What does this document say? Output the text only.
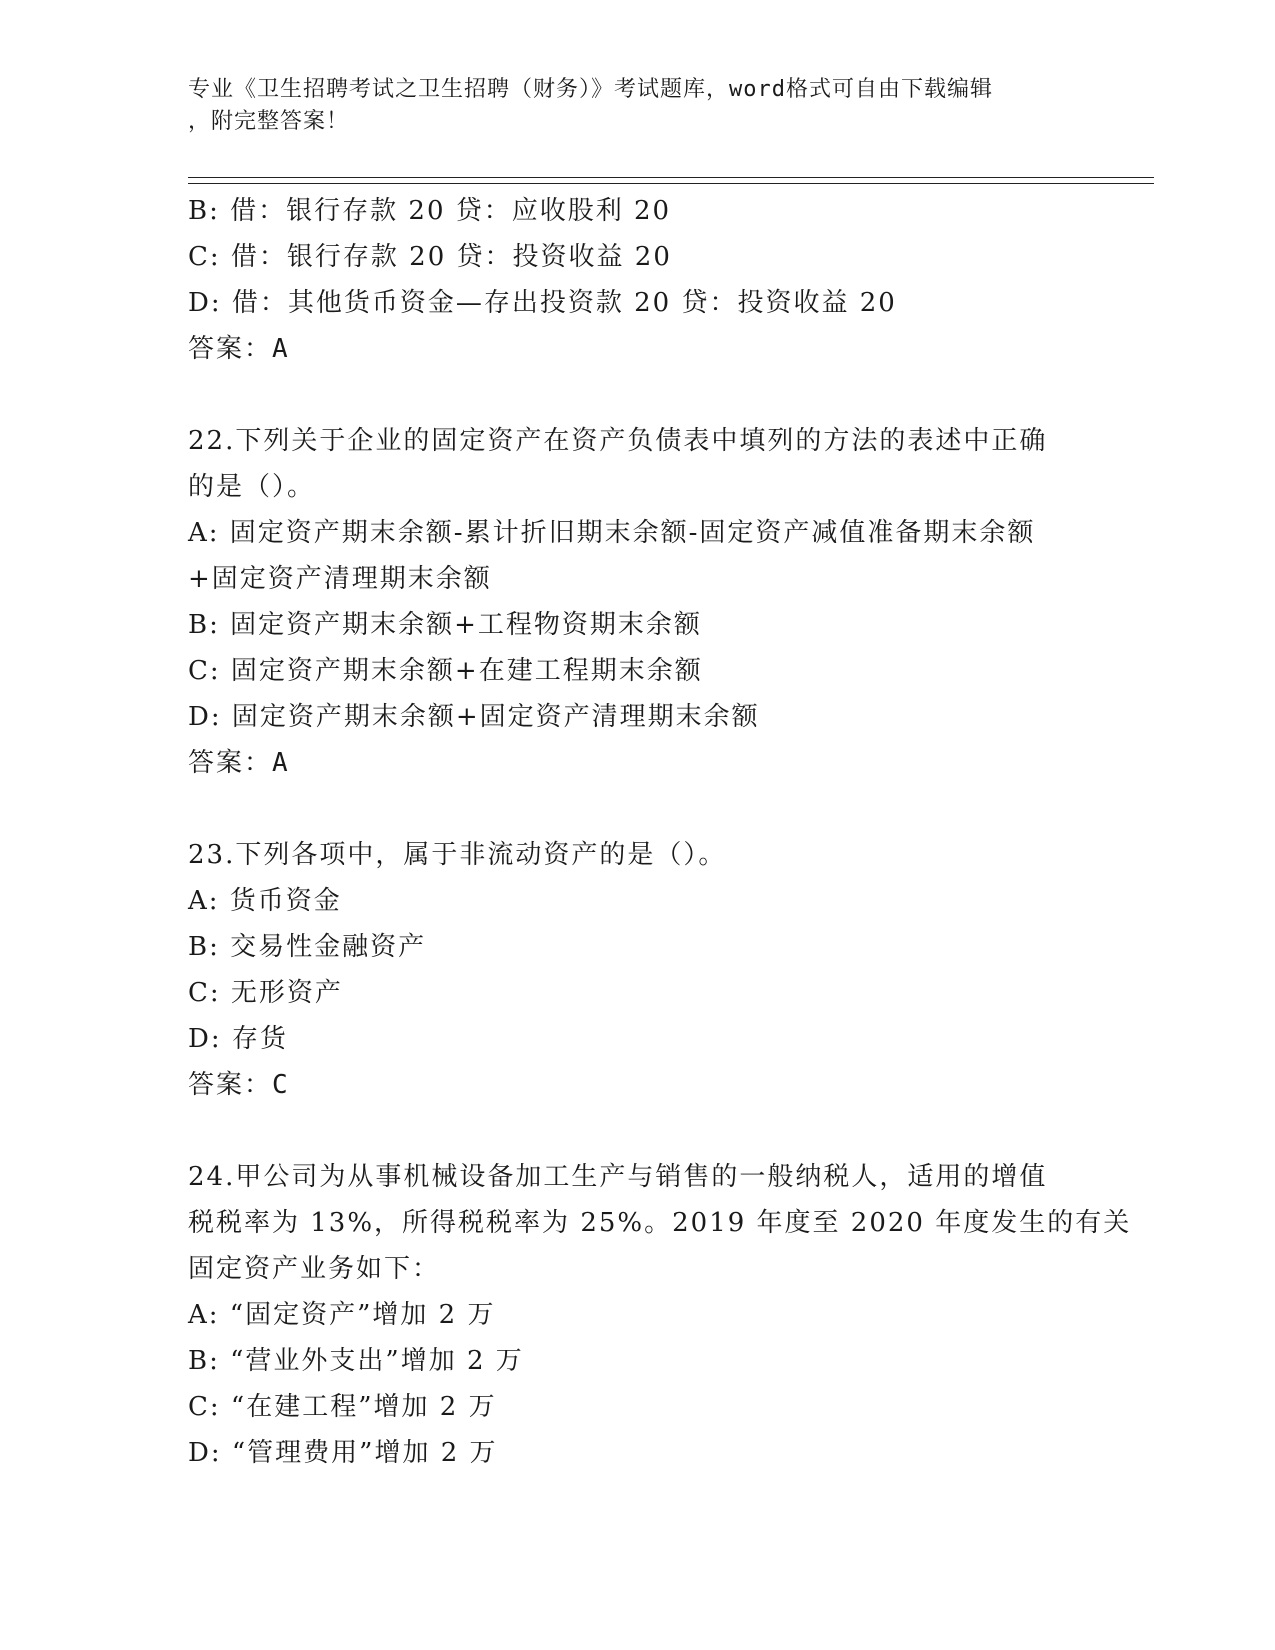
专业《卫生招聘考试之卫生招聘（财务）》考试题库，word格式可自由下载编辑
，附完整答案！
B: 借：银行存款 20 贷：应收股利 20
C: 借：银行存款 20 贷：投资收益 20
D: 借：其他货币资金—存出投资款 20 贷：投资收益 20
答案：A
22.下列关于企业的固定资产在资产负债表中填列的方法的表述中正确
的是（）。
A: 固定资产期末余额-累计折旧期末余额-固定资产减值准备期末余额
+固定资产清理期末余额
B: 固定资产期末余额+工程物资期末余额
C: 固定资产期末余额+在建工程期末余额
D: 固定资产期末余额+固定资产清理期末余额
答案：A
23.下列各项中，属于非流动资产的是（）。
A: 货币资金
B: 交易性金融资产
C: 无形资产
D: 存货
答案：C
24.甲公司为从事机械设备加工生产与销售的一般纳税人，适用的增值
税税率为 13%，所得税税率为 25%。2019 年度至 2020 年度发生的有关
固定资产业务如下：
A: “固定资产”增加 2 万
B: “营业外支出”增加 2 万
C: “在建工程”增加 2 万
D: “管理费用”增加 2 万
